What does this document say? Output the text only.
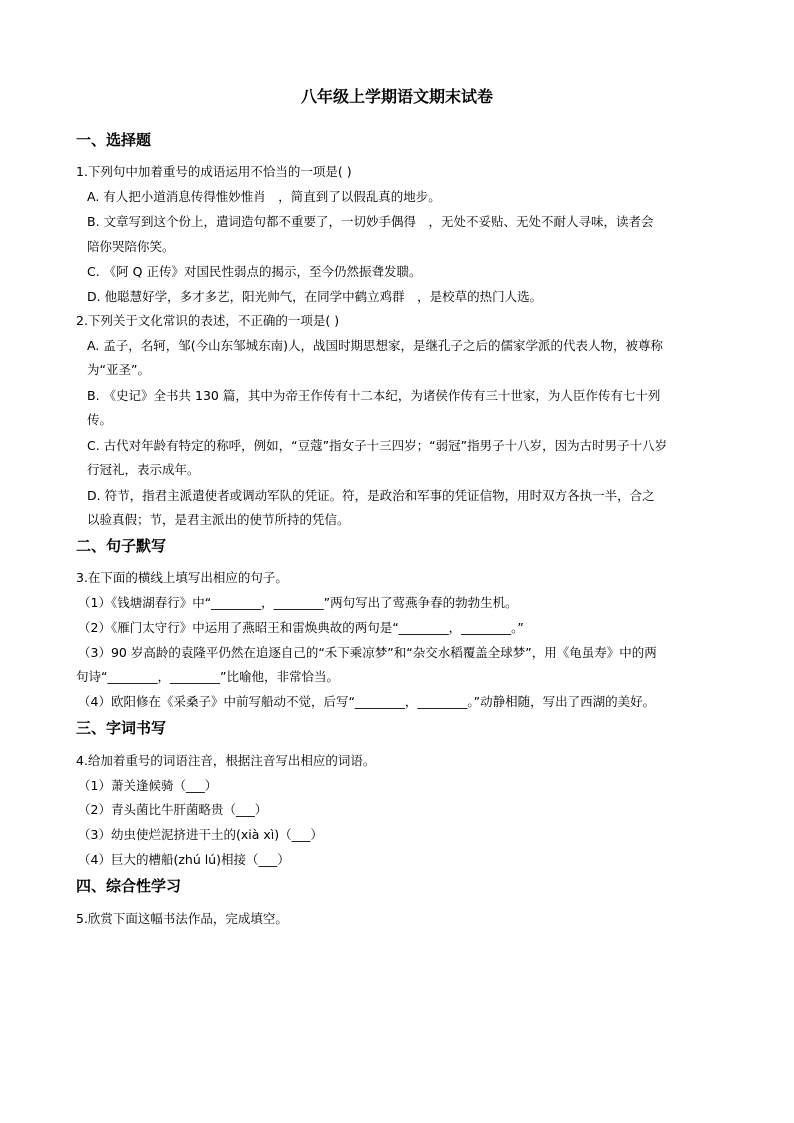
八年级上学期语文期末试卷
一、选择题
1.下列句中加着重号的成语运用不恰当的一项是( )
A. 有人把小道消息传得惟妙惟肖　，简直到了以假乱真的地步。
B. 文章写到这个份上，遣词造句都不重要了，一切妙手偶得　，无处不妥贴、无处不耐人寻味，读者会
陪你哭陪你笑。
C. 《阿 Q 正传》对国民性弱点的揭示，至今仍然振聋发聩。
D. 他聪慧好学，多才多艺，阳光帅气，在同学中鹤立鸡群　，是校草的热门人选。
2.下列关于文化常识的表述，不正确的一项是( )
A. 孟子，名轲，邹(今山东邹城东南)人，战国时期思想家，是继孔子之后的儒家学派的代表人物，被尊称
为“亚圣”。
B. 《史记》全书共 130 篇，其中为帝王作传有十二本纪，为诸侯作传有三十世家，为人臣作传有七十列
传。
C. 古代对年龄有特定的称呼，例如，“豆蔻”指女子十三四岁；“弱冠”指男子十八岁，因为古时男子十八岁
行冠礼，表示成年。
D. 符节，指君主派遣使者或调动军队的凭证。符，是政治和军事的凭证信物，用时双方各执一半，合之
以验真假；节，是君主派出的使节所持的凭信。
二、句子默写
3.在下面的横线上填写出相应的句子。
（1）《钱塘湖春行》中“________，________”两句写出了莺燕争春的勃勃生机。
（2）《雁门太守行》中运用了燕昭王和雷焕典故的两句是“________，________。”
（3）90 岁高龄的袁隆平仍然在追逐自己的“禾下乘凉梦”和“杂交水稻覆盖全球梦”，用《龟虽寿》中的两
句诗“________，________”比喻他，非常恰当。
（4）欧阳修在《采桑子》中前写船动不觉，后写“________，________。”动静相随，写出了西湖的美好。
三、字词书写
4.给加着重号的词语注音，根据注音写出相应的词语。
（1）萧关逢候骑（___）
（2）青头菌比牛肝菌略贵（___）
（3）幼虫使烂泥挤进干土的(xià xì)（___）
（4）巨大的槽船(zhú lú)相接（___）
四、综合性学习
5.欣赏下面这幅书法作品，完成填空。
